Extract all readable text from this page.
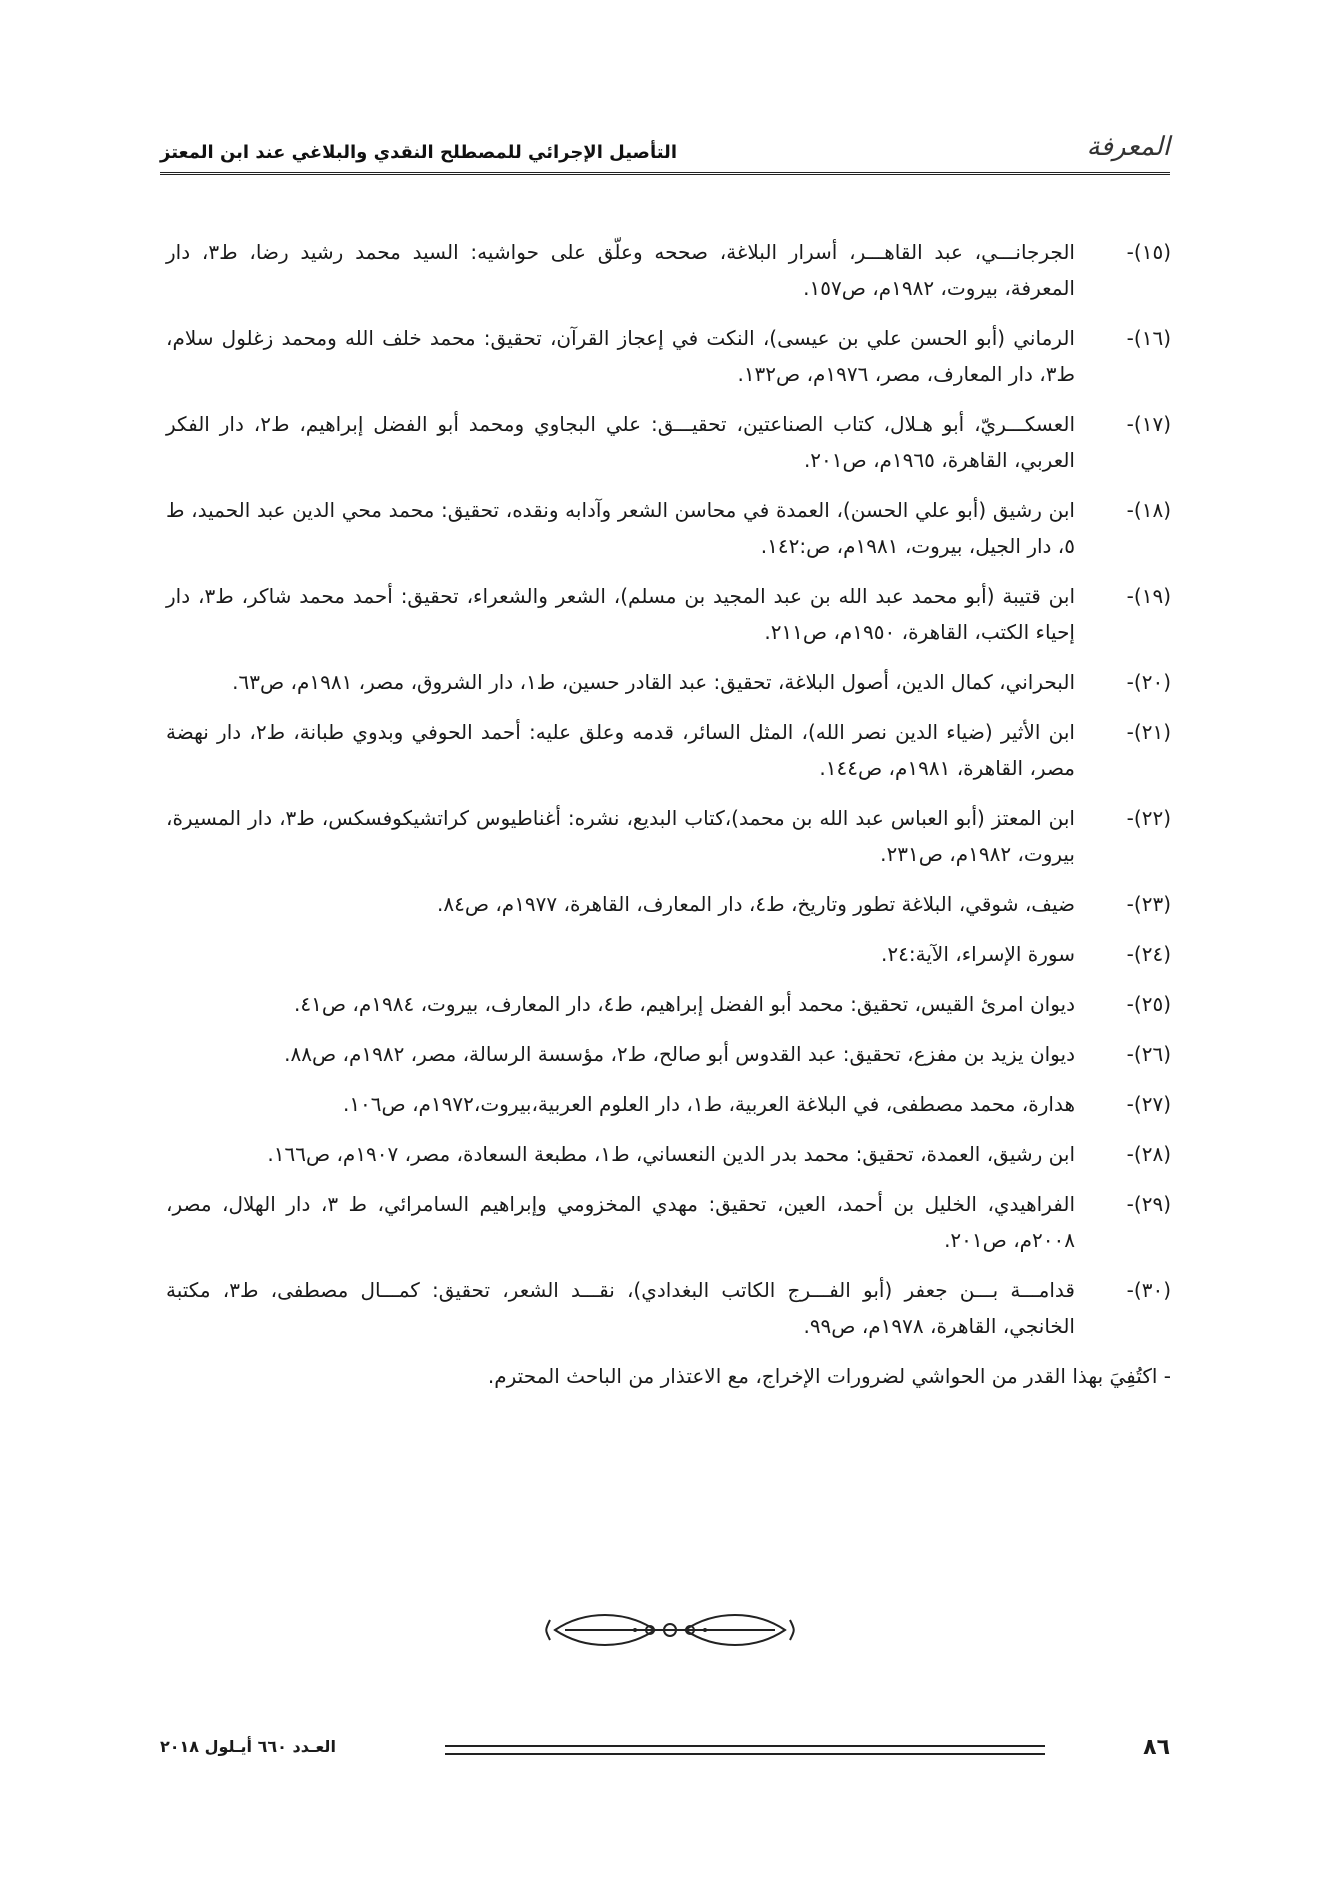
المعرفة
التأصيل الإجرائي للمصطلح النقدي والبلاغي عند ابن المعتز
(١٥)-
الجرجانـــي، عبد القاهـــر، أسرار البلاغة، صححه وعلّق على حواشيه: السيد محمد رشيد رضا، ط٣، دار المعرفة، بيروت، ١٩٨٢م، ص١٥٧.
(١٦)-
الرماني (أبو الحسن علي بن عيسى)، النكت في إعجاز القرآن، تحقيق: محمد خلف الله ومحمد زغلول سلام، ط٣، دار المعارف، مصر، ١٩٧٦م، ص١٣٢.
(١٧)-
العسكـــريّ، أبو هـلال، كتاب الصناعتين، تحقيـــق: علي البجاوي ومحمد أبو الفضل إبراهيم، ط٢، دار الفكر العربي، القاهرة، ١٩٦٥م، ص٢٠١.
(١٨)-
ابن رشيق (أبو علي الحسن)، العمدة في محاسن الشعر وآدابه ونقده، تحقيق: محمد محي الدين عبد الحميد، ط ٥، دار الجيل، بيروت، ١٩٨١م، ص:١٤٢.
(١٩)-
ابن قتيبة (أبو محمد عبد الله بن عبد المجيد بن مسلم)، الشعر والشعراء، تحقيق: أحمد محمد شاكر، ط٣، دار إحياء الكتب، القاهرة، ١٩٥٠م، ص٢١١.
(٢٠)-
البحراني، كمال الدين، أصول البلاغة، تحقيق: عبد القادر حسين، ط١، دار الشروق، مصر، ١٩٨١م، ص٦٣.
(٢١)-
ابن الأثير (ضياء الدين نصر الله)، المثل السائر، قدمه وعلق عليه: أحمد الحوفي وبدوي طبانة، ط٢، دار نهضة مصر، القاهرة، ١٩٨١م، ص١٤٤.
(٢٢)-
ابن المعتز (أبو العباس عبد الله بن محمد)،كتاب البديع، نشره: أغناطيوس كراتشيكوفسكس، ط٣، دار المسيرة، بيروت، ١٩٨٢م، ص٢٣١.
(٢٣)-
ضيف، شوقي، البلاغة تطور وتاريخ، ط٤، دار المعارف، القاهرة، ١٩٧٧م، ص٨٤.
(٢٤)-
سورة الإسراء، الآية:٢٤.
(٢٥)-
ديوان امرئ القيس، تحقيق: محمد أبو الفضل إبراهيم، ط٤، دار المعارف، بيروت، ١٩٨٤م، ص٤١.
(٢٦)-
ديوان يزيد بن مفزع، تحقيق: عبد القدوس أبو صالح، ط٢، مؤسسة الرسالة، مصر، ١٩٨٢م، ص٨٨.
(٢٧)-
هدارة، محمد مصطفى، في البلاغة العربية، ط١، دار العلوم العربية،بيروت،١٩٧٢م، ص١٠٦.
(٢٨)-
ابن رشيق، العمدة، تحقيق: محمد بدر الدين النعساني، ط١، مطبعة السعادة، مصر، ١٩٠٧م، ص١٦٦.
(٢٩)-
الفراهيدي، الخليل بن أحمد، العين، تحقيق: مهدي المخزومي وإبراهيم السامرائي، ط ٣، دار الهلال، مصر، ٢٠٠٨م، ص٢٠١.
(٣٠)-
قدامـــة بـــن جعفر (أبو الفـــرج الكاتب البغدادي)، نقـــد الشعر، تحقيق: كمـــال مصطفى، ط٣، مكتبة الخانجي، القاهرة، ١٩٧٨م، ص٩٩.
- اكتُفِيَ بهذا القدر من الحواشي لضرورات الإخراج، مع الاعتذار من الباحث المحترم.
٨٦
العـدد ٦٦٠ أيـلول ٢٠١٨
